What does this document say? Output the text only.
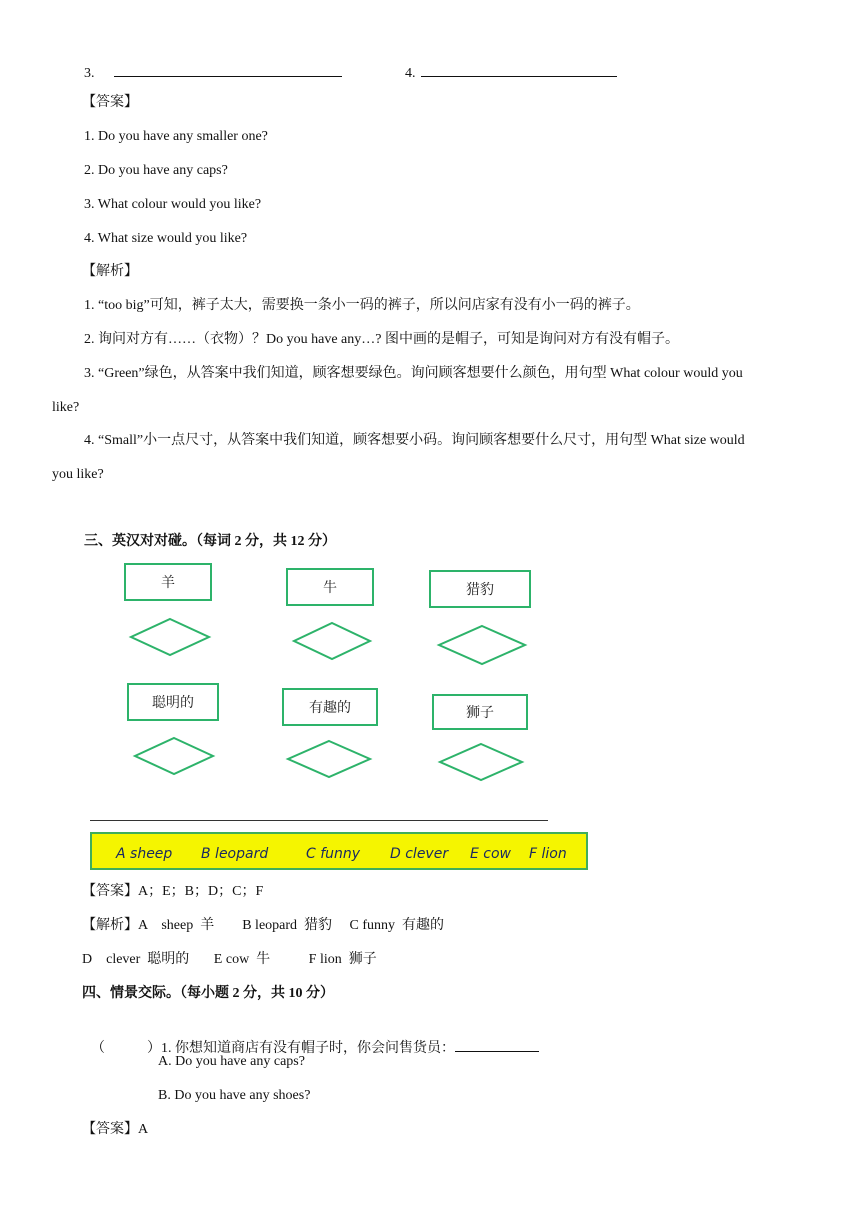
3.	4.
【答案】
1. Do you have any smaller one?
2. Do you have any caps?
3. What colour would you like?
4. What size would you like?
【解析】
1. “too big”可知，裤子太大，需要换一条小一码的裤子，所以问店家有没有小一码的裤子。
2. 询问对方有……（衣物）？Do you have any…? 图中画的是帽子，可知是询问对方有没有帽子。
3. “Green”绿色，从答案中我们知道，顾客想要绿色。询问顾客想要什么颜色，用句型 What colour would you
like?
4. “Small”小一点尺寸，从答案中我们知道，顾客想要小码。询问顾客想要什么尺寸，用句型 What size would
you like?
三、英汉对对碰。（每词 2 分，共 12 分）
羊	牛	猎豹
聪明的	有趣的	狮子
A sheep B leopard	C funny D clever E cow F lion
【答案】A；E；B；D；C；F
【解析】A    sheep  羊        B leopard  猎豹     C funny  有趣的
D    clever  聪明的       E cow  牛           F lion  狮子
四、情景交际。（每小题 2 分，共 10 分）

（            ）1. 你想知道商店有没有帽子时，你会问售货员：

A. Do you have any caps?
B. Do you have any shoes?
【答案】A
